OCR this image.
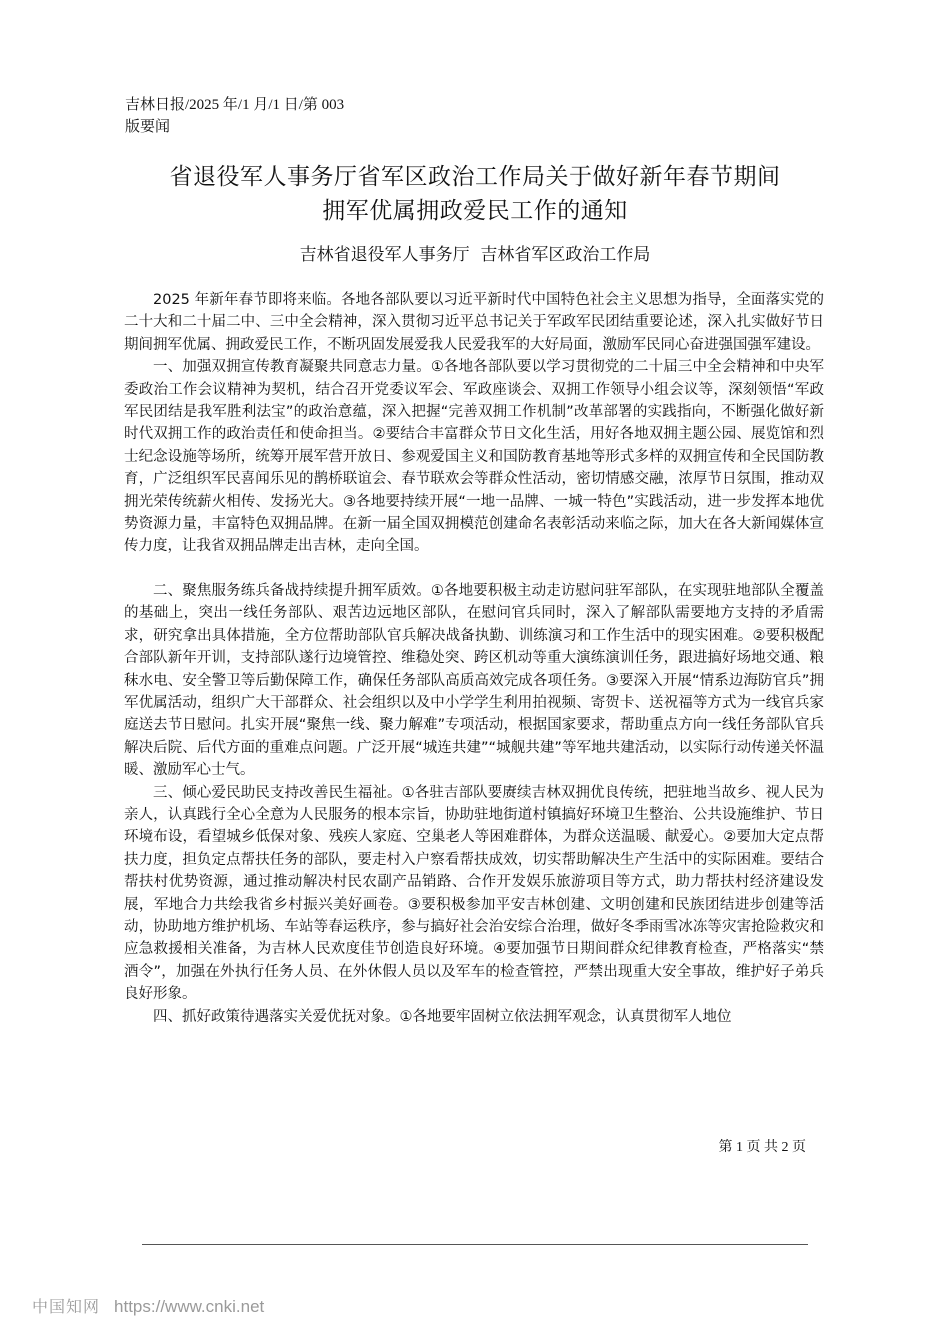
吉林日报/2025 年/1 月/1 日/第 003
版要闻
省退役军人事务厅省军区政治工作局关于做好新年春节期间
拥军优属拥政爱民工作的通知
吉林省退役军人事务厅  吉林省军区政治工作局

2025 年新年春节即将来临。各地各部队要以习近平新时代中国特色社会主义思想为指导，全面落实党的二十大和二十届二中、三中全会精神，深入贯彻习近平总书记关于军政军民团结重要论述，深入扎实做好节日期间拥军优属、拥政爱民工作，不断巩固发展爱我人民爱我军的大好局面，激励军民同心奋进强国强军建设。

一、加强双拥宣传教育凝聚共同意志力量。①各地各部队要以学习贯彻党的二十届三中全会精神和中央军委政治工作会议精神为契机，结合召开党委议军会、军政座谈会、双拥工作领导小组会议等，深刻领悟“军政军民团结是我军胜利法宝”的政治意蕴，深入把握“完善双拥工作机制”改革部署的实践指向，不断强化做好新时代双拥工作的政治责任和使命担当。②要结合丰富群众节日文化生活，用好各地双拥主题公园、展览馆和烈士纪念设施等场所，统筹开展军营开放日、参观爱国主义和国防教育基地等形式多样的双拥宣传和全民国防教育，广泛组织军民喜闻乐见的鹊桥联谊会、春节联欢会等群众性活动，密切情感交融，浓厚节日氛围，推动双拥光荣传统薪火相传、发扬光大。③各地要持续开展“一地一品牌、一城一特色”实践活动，进一步发挥本地优势资源力量，丰富特色双拥品牌。在新一届全国双拥模范创建命名表彰活动来临之际，加大在各大新闻媒体宣传力度，让我省双拥品牌走出吉林，走向全国。

二、聚焦服务练兵备战持续提升拥军质效。①各地要积极主动走访慰问驻军部队，在实现驻地部队全覆盖的基础上，突出一线任务部队、艰苦边远地区部队，在慰问官兵同时，深入了解部队需要地方支持的矛盾需求，研究拿出具体措施，全方位帮助部队官兵解决战备执勤、训练演习和工作生活中的现实困难。②要积极配合部队新年开训，支持部队遂行边境管控、维稳处突、跨区机动等重大演练演训任务，跟进搞好场地交通、粮秣水电、安全警卫等后勤保障工作，确保任务部队高质高效完成各项任务。③要深入开展“情系边海防官兵”拥军优属活动，组织广大干部群众、社会组织以及中小学学生利用拍视频、寄贺卡、送祝福等方式为一线官兵家庭送去节日慰问。扎实开展“聚焦一线、聚力解难”专项活动，根据国家要求，帮助重点方向一线任务部队官兵解决后院、后代方面的重难点问题。广泛开展“城连共建”“城舰共建”等军地共建活动，以实际行动传递关怀温暖、激励军心士气。

三、倾心爱民助民支持改善民生福祉。①各驻吉部队要赓续吉林双拥优良传统，把驻地当故乡、视人民为亲人，认真践行全心全意为人民服务的根本宗旨，协助驻地街道村镇搞好环境卫生整治、公共设施维护、节日环境布设，看望城乡低保对象、残疾人家庭、空巢老人等困难群体，为群众送温暖、献爱心。②要加大定点帮扶力度，担负定点帮扶任务的部队，要走村入户察看帮扶成效，切实帮助解决生产生活中的实际困难。要结合帮扶村优势资源，通过推动解决村民农副产品销路、合作开发娱乐旅游项目等方式，助力帮扶村经济建设发展，军地合力共绘我省乡村振兴美好画卷。③要积极参加平安吉林创建、文明创建和民族团结进步创建等活动，协助地方维护机场、车站等春运秩序，参与搞好社会治安综合治理，做好冬季雨雪冰冻等灾害抢险救灾和应急救援相关准备，为吉林人民欢度佳节创造良好环境。④要加强节日期间群众纪律教育检查，严格落实“禁酒令”，加强在外执行任务人员、在外休假人员以及军车的检查管控，严禁出现重大安全事故，维护好子弟兵良好形象。

四、抓好政策待遇落实关爱优抚对象。①各地要牢固树立依法拥军观念，认真贯彻军人地位

第 1 页 共 2 页
中国知网 https://www.cnki.net
